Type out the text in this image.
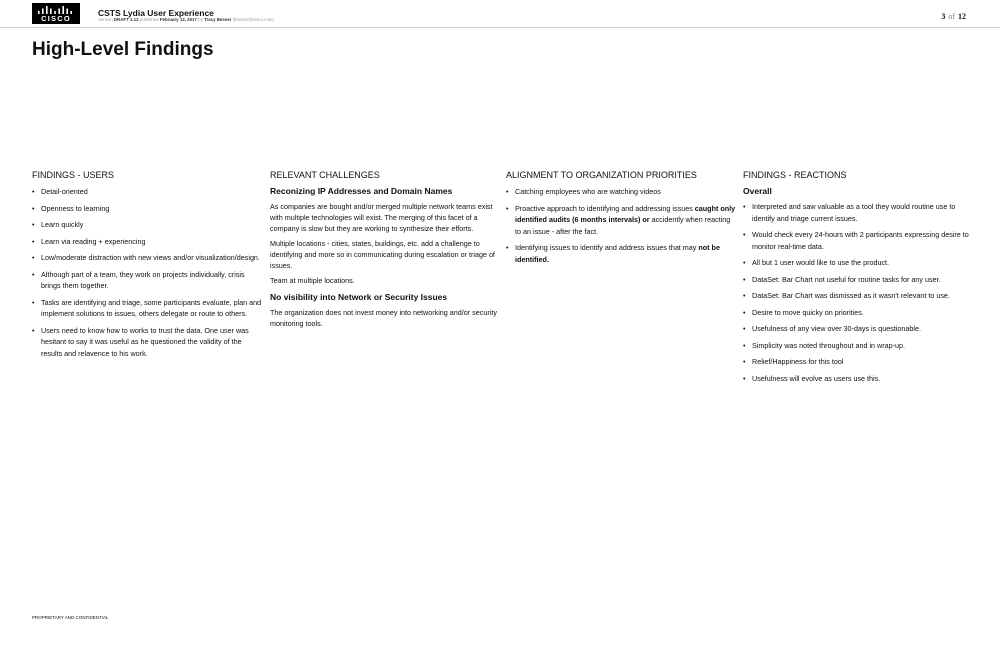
CISCO
CSTS Lydia User Experience
Version DRAFT 1.12 published February 13, 2017 by Tracy Besser (tbesser@cisco.com)	3 of 12
High-Level Findings
FINDINGS - USERS
• Detail-oriented
• Openness to learning
• Learn quickly
• Learn via reading + experiencing
• Low/moderate distraction with new views and/or visualization/design.
• Although part of a team, they work on projects individually, crisis brings them together.
• Tasks are identifying and triage, some participants evaluate, plan and implement solutions to issues, others delegate or route to others.
• Users need to know how to works to trust the data. One user was hesitant to say it was useful as he questioned the validity of the results and relavence to his work.
RELEVANT CHALLENGES
Reconizing IP Addresses and Domain Names

As companies are bought and/or merged multiple network teams exist with multiple technologies will exist. The merging of this facet of a company is slow but they are working to synthesize their efforts.

Multiple locations - cities, states, buildings, etc. add a challenge to identifying and more so in communicating during escalation or triage of issues.

Team at multiple locations.

No visibility into Network or Security Issues

The organization does not invest money into networking and/or security monitoring tools.

ALIGNMENT TO ORGANIZATION PRIORITIES
• Catching employees who are watching videos
• Proactive approach to identifying and addressing issues caught only identified audits (6 months intervals) or accidently when reacting to an issue - after the fact.
• Identifying issues to identify and address issues that may not be identified.
FINDINGS - REACTIONS
Overall
• Interpreted and saw valuable as a tool they would routine use to identify and triage current issues.
• Would check every 24-hours with 2 participants expressing desire to monitor real-time data.
• All but 1 user would like to use the product.
• DataSet: Bar Chart not useful for routine tasks for any user.
• DataSet: Bar Chart was dismissed as it wasn't relevant to use.
• Desire to move quicky on priorities.
• Usefulness of any view over 30-days is questionable.
• Simplicity was noted throughout and in wrap-up.
• Relief/Happiness for this tool
• Usefulness will evolve as users use this.
PROPRIETARY AND CONFIDENTIAL
